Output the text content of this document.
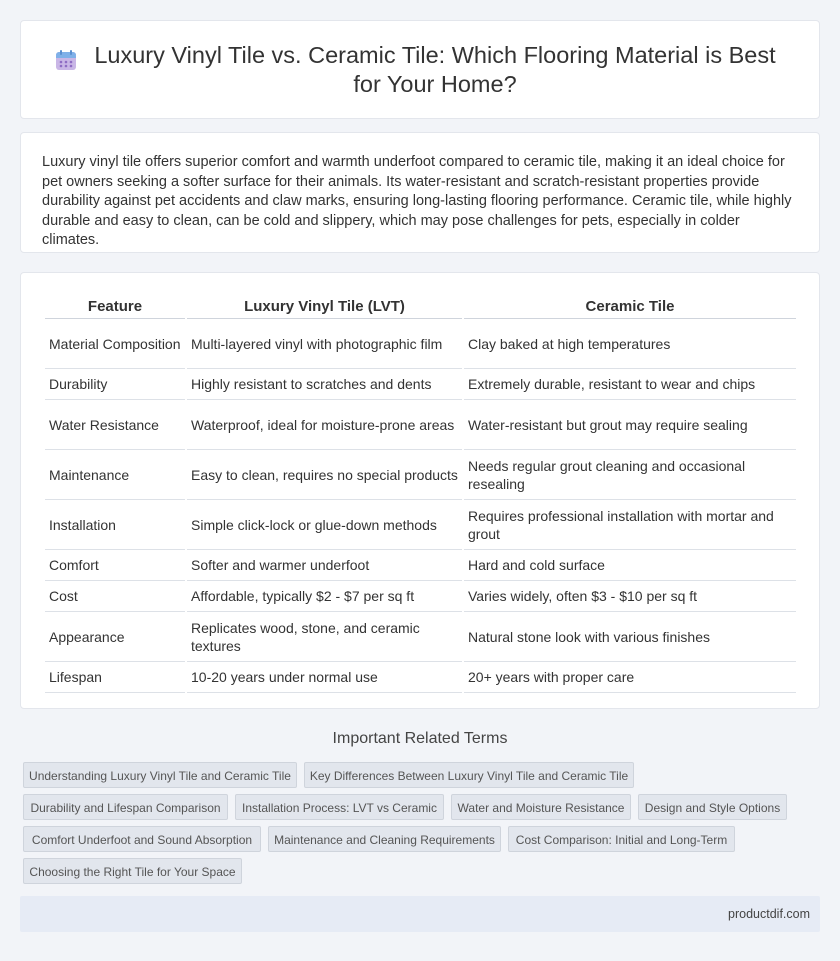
Luxury Vinyl Tile vs. Ceramic Tile: Which Flooring Material is Best for Your Home?

Luxury vinyl tile offers superior comfort and warmth underfoot compared to ceramic tile, making it an ideal choice for pet owners seeking a softer surface for their animals. Its water-resistant and scratch-resistant properties provide durability against pet accidents and claw marks, ensuring long-lasting flooring performance. Ceramic tile, while highly durable and easy to clean, can be cold and slippery, which may pose challenges for pets, especially in colder climates.

Feature	Luxury Vinyl Tile (LVT)	Ceramic Tile
Material Composition	Multi-layered vinyl with photographic film	Clay baked at high temperatures
Durability	Highly resistant to scratches and dents	Extremely durable, resistant to wear and chips
Water Resistance	Waterproof, ideal for moisture-prone areas	Water-resistant but grout may require sealing
Maintenance	Easy to clean, requires no special products	Needs regular grout cleaning and occasional resealing
Installation	Simple click-lock or glue-down methods	Requires professional installation with mortar and grout
Comfort	Softer and warmer underfoot	Hard and cold surface
Cost	Affordable, typically $2 - $7 per sq ft	Varies widely, often $3 - $10 per sq ft
Appearance	Replicates wood, stone, and ceramic textures	Natural stone look with various finishes
Lifespan	10-20 years under normal use	20+ years with proper care
Important Related Terms
Understanding Luxury Vinyl Tile and Ceramic Tile	Key Differences Between Luxury Vinyl Tile and Ceramic Tile
Durability and Lifespan Comparison	Installation Process: LVT vs Ceramic	Water and Moisture Resistance	Design and Style Options
Comfort Underfoot and Sound Absorption	Maintenance and Cleaning Requirements	Cost Comparison: Initial and Long-Term
Choosing the Right Tile for Your Space
productdif.com
